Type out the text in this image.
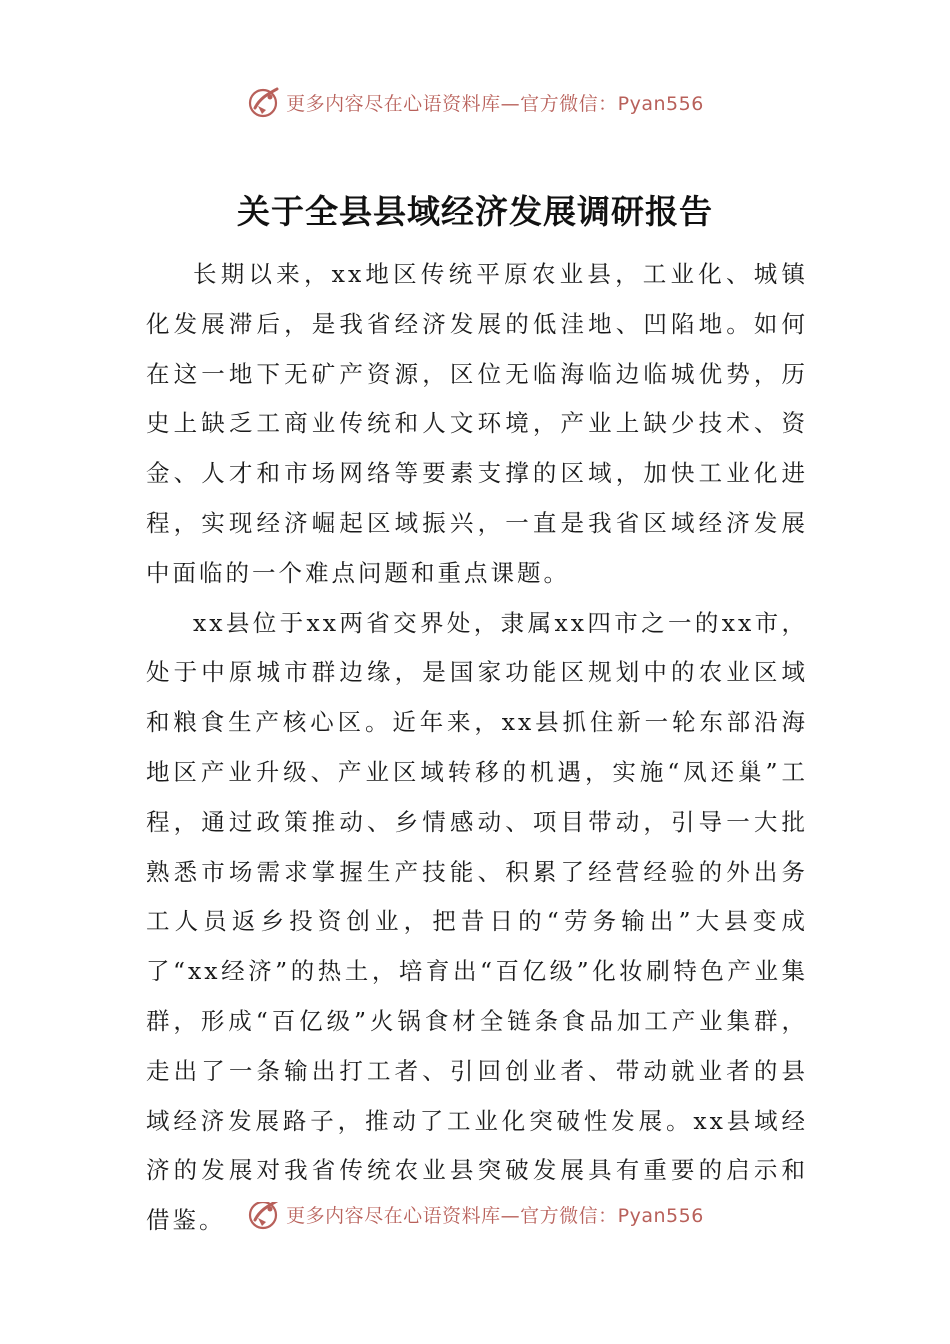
更多内容尽在心语资料库—官方微信：Pyan556
关于全县县域经济发展调研报告

长期以来，xx地区传统平原农业县，工业化、城镇化发展滞后，是我省经济发展的低洼地、凹陷地。如何在这一地下无矿产资源，区位无临海临边临城优势，历史上缺乏工商业传统和人文环境，产业上缺少技术、资金、人才和市场网络等要素支撑的区域，加快工业化进程，实现经济崛起区域振兴，一直是我省区域经济发展中面临的一个难点问题和重点课题。

xx县位于xx两省交界处，隶属xx四市之一的xx市，处于中原城市群边缘，是国家功能区规划中的农业区域和粮食生产核心区。近年来，xx县抓住新一轮东部沿海地区产业升级、产业区域转移的机遇，实施“凤还巢”工程，通过政策推动、乡情感动、项目带动，引导一大批熟悉市场需求掌握生产技能、积累了经营经验的外出务工人员返乡投资创业，把昔日的“劳务输出”大县变成了“xx经济”的热土，培育出“百亿级”化妆刷特色产业集群，形成“百亿级”火锅食材全链条食品加工产业集群，走出了一条输出打工者、引回创业者、带动就业者的县域经济发展路子，推动了工业化突破性发展。xx县域经济的发展对我省传统农业县突破发展具有重要的启示和借鉴。	更多内容尽在心语资料库—官方微信：Pyan556
